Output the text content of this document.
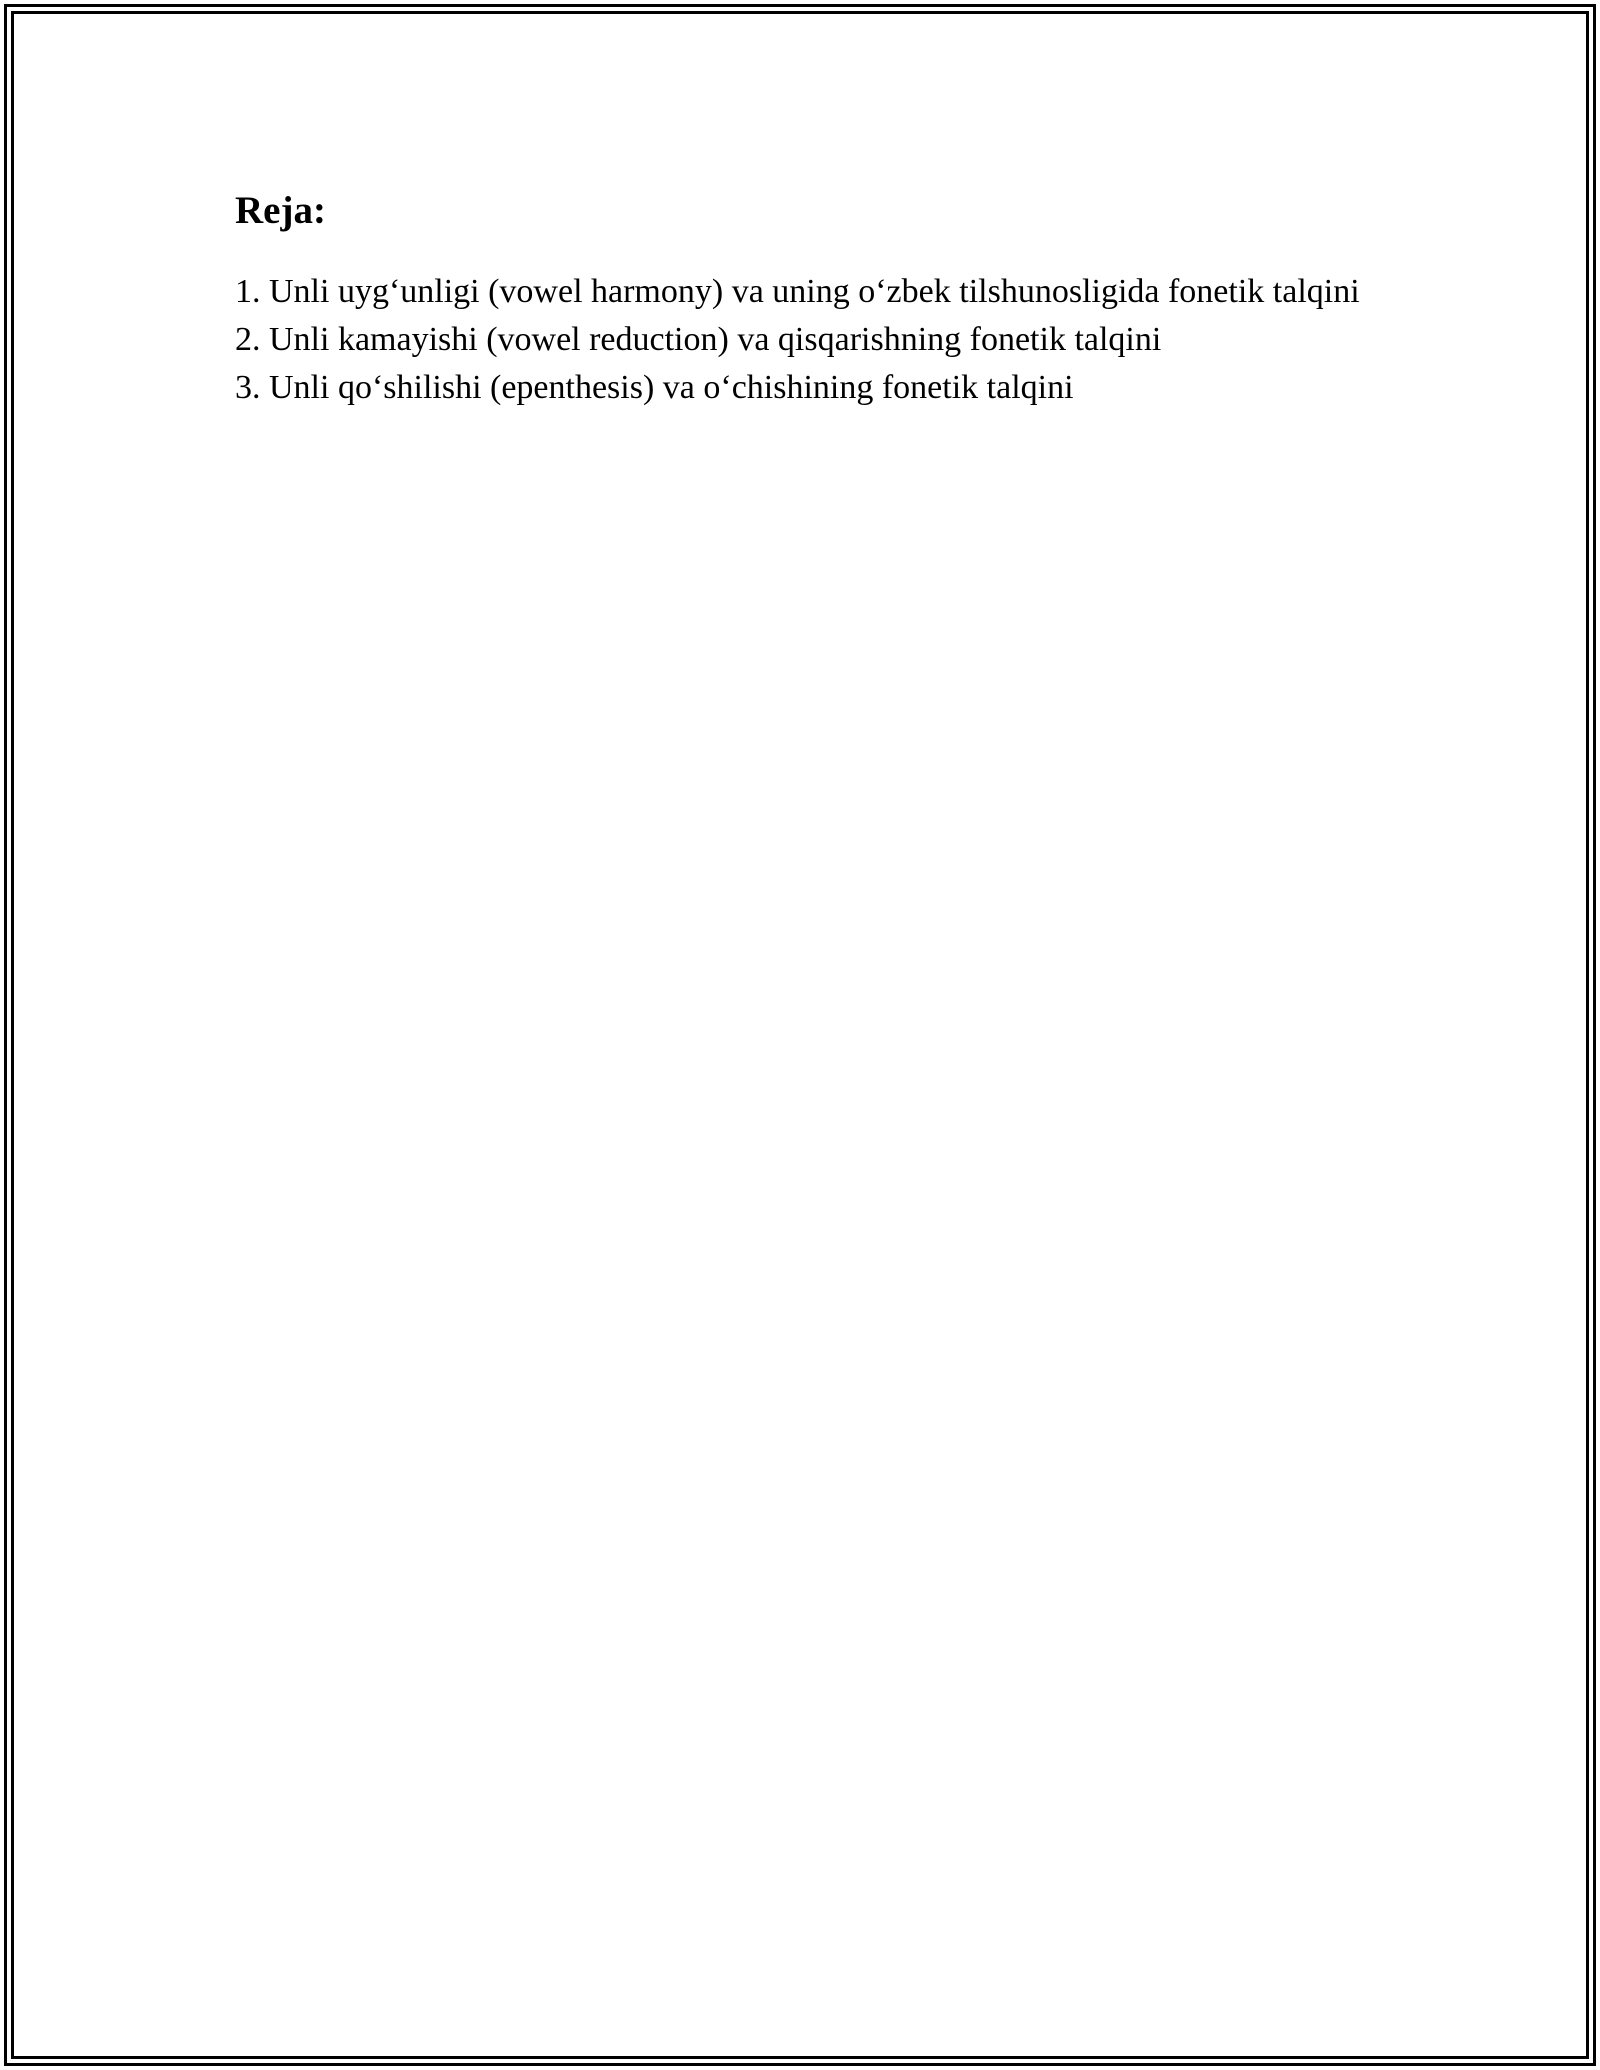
Reja:
1. Unli uyg‘unligi (vowel harmony) va uning o‘zbek tilshunosligida fonetik talqini
2. Unli kamayishi (vowel reduction) va qisqarishning fonetik talqini
3. Unli qo‘shilishi (epenthesis) va o‘chishining fonetik talqini
